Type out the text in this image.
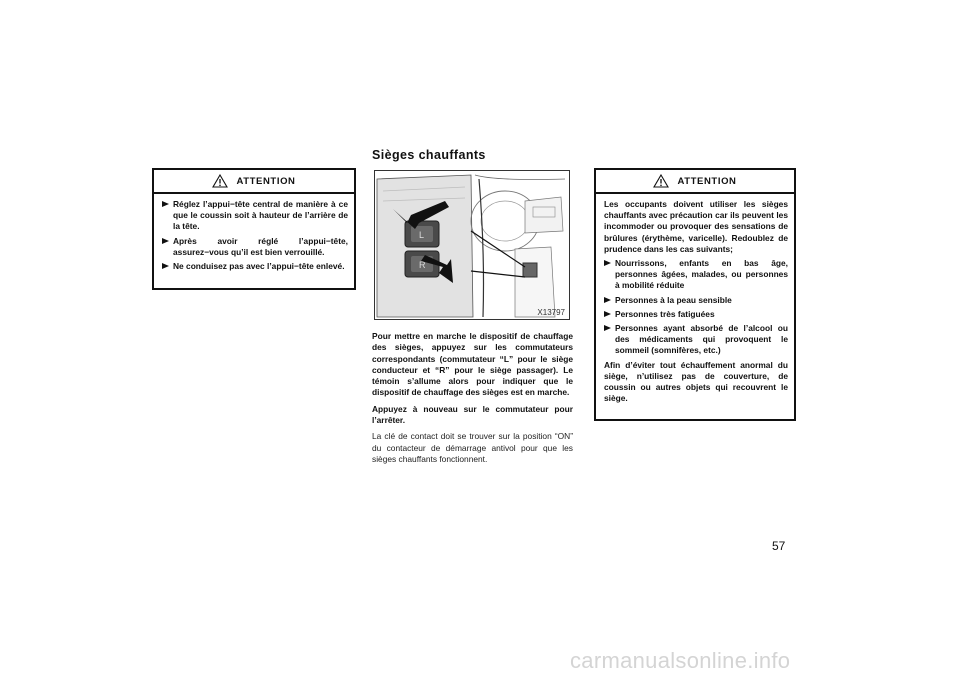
Sièges chauffants
ATTENTION
Réglez l’appui−tête central de manière à ce que le coussin soit à hauteur de l’arrière de la tête.
Après avoir réglé l’appui−tête, assurez−vous qu’il est bien verrouillé.
Ne conduisez pas avec l’appui−tête enlevé.
L
R
X13797

Pour mettre en marche le dispositif de chauffage des sièges, appuyez sur les commutateurs correspondants (commutateur “L” pour le siège conducteur et “R” pour le siège passager). Le témoin s’allume alors pour indiquer que le dispositif de chauffage des sièges est en marche.

Appuyez à nouveau sur le commutateur pour l’arrêter.

La clé de contact doit se trouver sur la position “ON” du contacteur de démarrage antivol pour que les sièges chauffants fonctionnent.

ATTENTION

Les occupants doivent utiliser les sièges chauffants avec précaution car ils peuvent les incommoder ou provoquer des sensations de brûlures (érythème, varicelle). Redoublez de prudence dans les cas suivants;

Nourrissons, enfants en bas âge, personnes âgées, malades, ou personnes à mobilité réduite
Personnes à la peau sensible
Personnes très fatiguées
Personnes ayant absorbé de l’alcool ou des médicaments qui provoquent le sommeil (somnifères, etc.)

Afin d’éviter tout échauffement anormal du siège, n’utilisez pas de couverture, de coussin ou autres objets qui recouvrent le siège.

57
carmanualsonline.info
